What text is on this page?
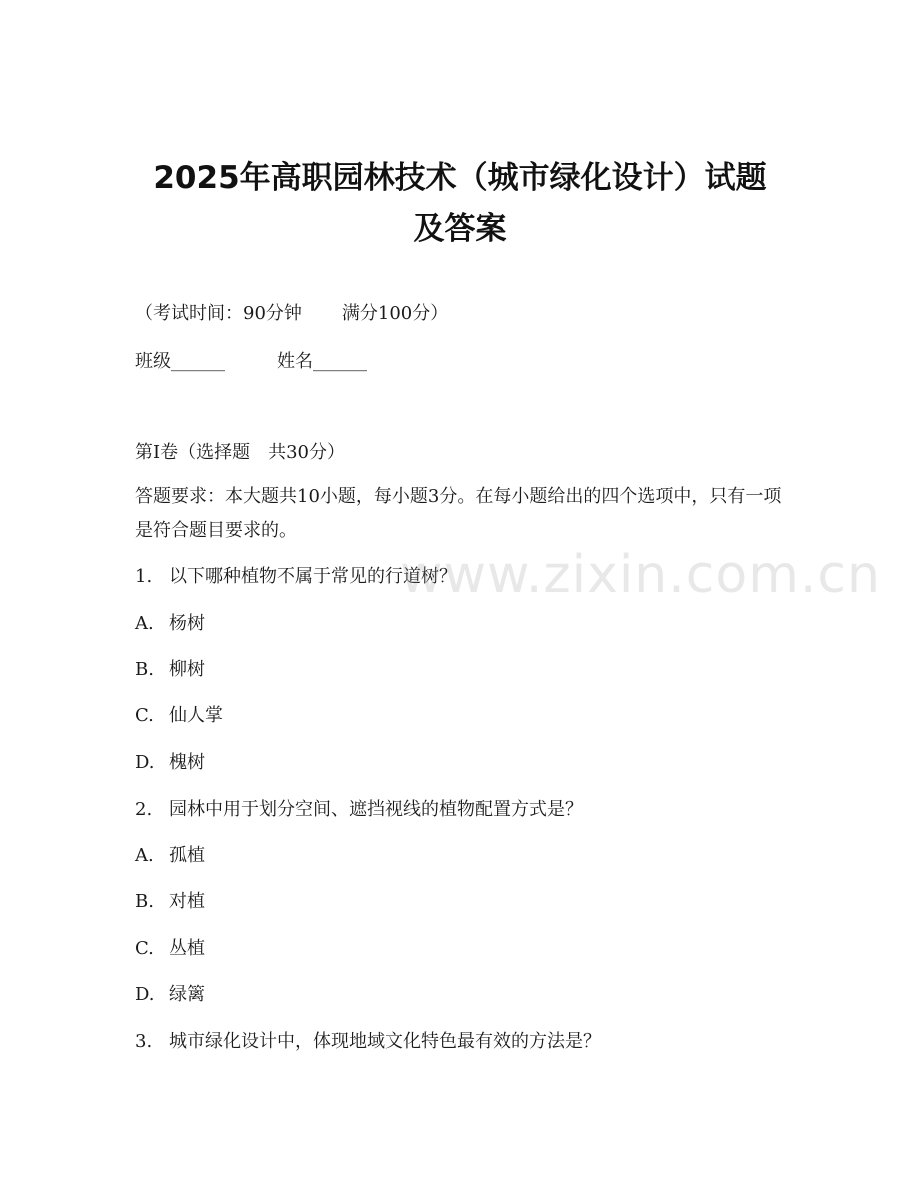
2025年高职园林技术（城市绿化设计）试题
及答案
（考试时间：90分钟 满分100分）
班级______	姓名______
第Ⅰ卷（选择题　共30分）
答题要求：本大题共10小题，每小题3分。在每小题给出的四个选项中，只有一项是符合题目要求的。
1. 以下哪种植物不属于常见的行道树？
A. 杨树
B. 柳树
C. 仙人掌
D. 槐树
2. 园林中用于划分空间、遮挡视线的植物配置方式是？
A. 孤植
B. 对植
C. 丛植
D. 绿篱
3. 城市绿化设计中，体现地域文化特色最有效的方法是？
www.zixin.com.cn
